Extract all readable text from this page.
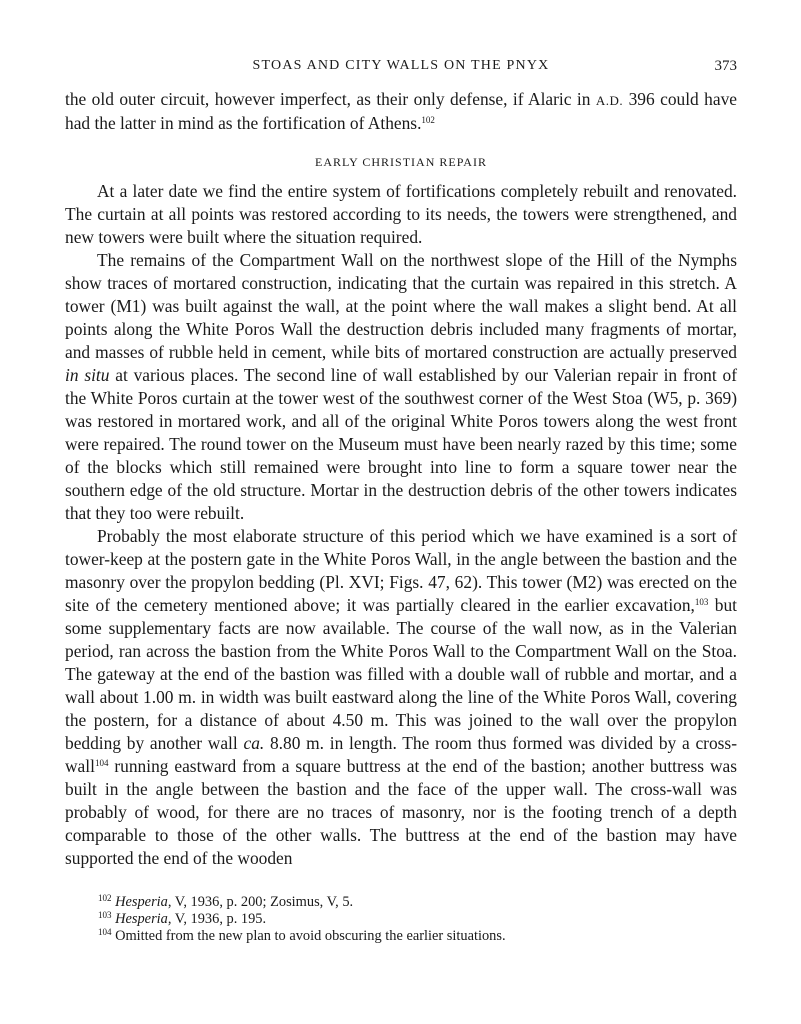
STOAS AND CITY WALLS ON THE PNYX	373

the old outer circuit, however imperfect, as their only defense, if Alaric in A.D. 396 could have had the latter in mind as the fortification of Athens.$^{102}$

EARLY CHRISTIAN REPAIR

At a later date we find the entire system of fortifications completely rebuilt and renovated. The curtain at all points was restored according to its needs, the towers were strengthened, and new towers were built where the situation required.

The remains of the Compartment Wall on the northwest slope of the Hill of the Nymphs show traces of mortared construction, indicating that the curtain was repaired in this stretch. A tower (M1) was built against the wall, at the point where the wall makes a slight bend. At all points along the White Poros Wall the destruction debris included many fragments of mortar, and masses of rubble held in cement, while bits of mortared construction are actually preserved in situ at various places. The second line of wall established by our Valerian repair in front of the White Poros curtain at the tower west of the southwest corner of the West Stoa (W5, p. 369) was restored in mortared work, and all of the original White Poros towers along the west front were repaired. The round tower on the Museum must have been nearly razed by this time; some of the blocks which still remained were brought into line to form a square tower near the southern edge of the old structure. Mortar in the destruction debris of the other towers indicates that they too were rebuilt.

Probably the most elaborate structure of this period which we have examined is a sort of tower-keep at the postern gate in the White Poros Wall, in the angle between the bastion and the masonry over the propylon bedding (Pl. XVI; Figs. 47, 62). This tower (M2) was erected on the site of the cemetery mentioned above; it was partially cleared in the earlier excavation,$^{103}$ but some supplementary facts are now available. The course of the wall now, as in the Valerian period, ran across the bastion from the White Poros Wall to the Compartment Wall on the Stoa. The gateway at the end of the bastion was filled with a double wall of rubble and mortar, and a wall about 1.00 m. in width was built eastward along the line of the White Poros Wall, covering the postern, for a distance of about 4.50 m. This was joined to the wall over the propylon bedding by another wall ca. 8.80 m. in length. The room thus formed was divided by a cross-wall$^{104}$ running eastward from a square buttress at the end of the bastion; another buttress was built in the angle between the bastion and the face of the upper wall. The cross-wall was probably of wood, for there are no traces of masonry, nor is the footing trench of a depth comparable to those of the other walls. The buttress at the end of the bastion may have supported the end of the wooden

$^{102}$ Hesperia, V, 1936, p. 200; Zosimus, V, 5.

$^{103}$ Hesperia, V, 1936, p. 195.

$^{104}$ Omitted from the new plan to avoid obscuring the earlier situations.
